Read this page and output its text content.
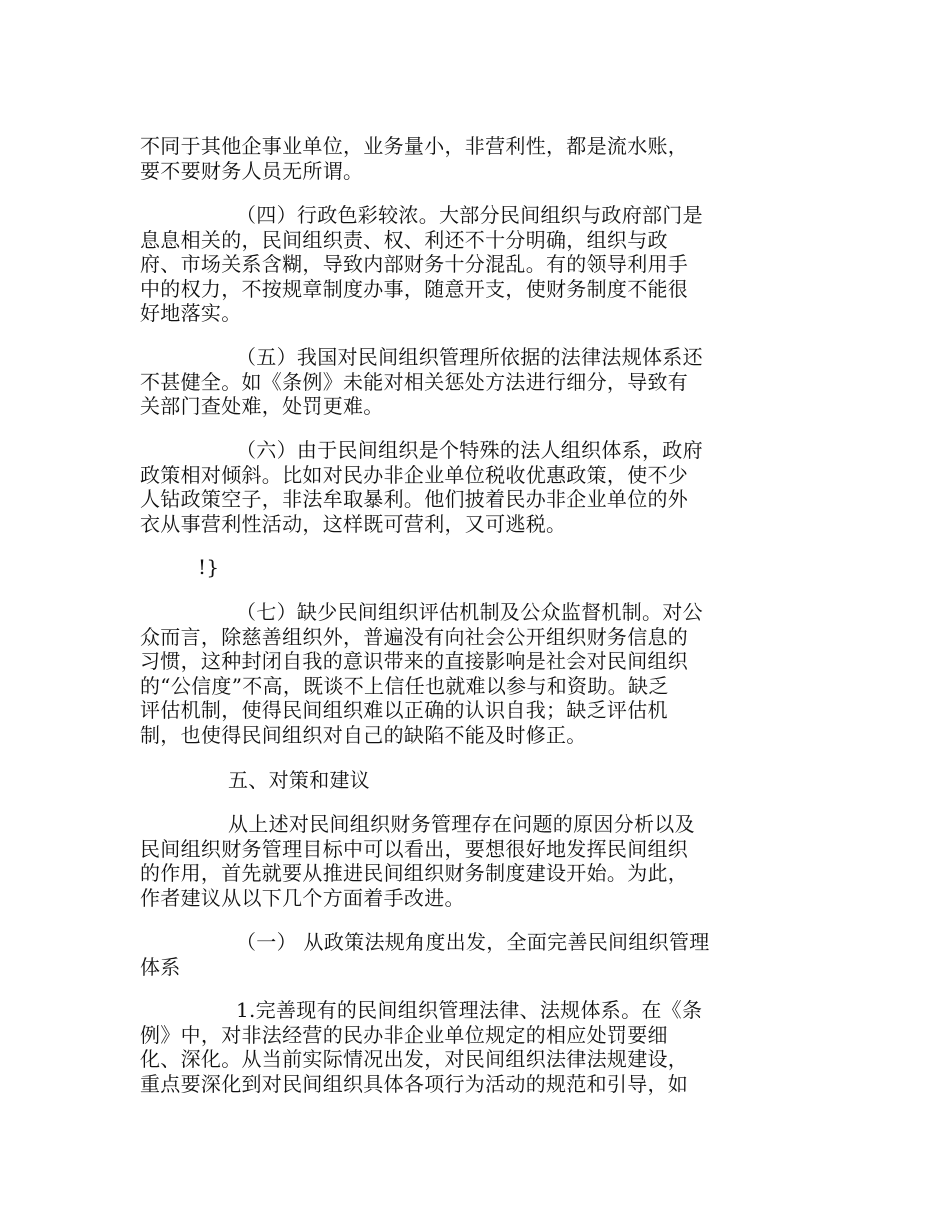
不同于其他企事业单位，业务量小，非营利性，都是流水账，
要不要财务人员无所谓。

（四）行政色彩较浓。大部分民间组织与政府部门是
息息相关的，民间组织责、权、利还不十分明确，组织与政
府、市场关系含糊，导致内部财务十分混乱。有的领导利用手
中的权力，不按规章制度办事，随意开支，使财务制度不能很
好地落实。

（五）我国对民间组织管理所依据的法律法规体系还
不甚健全。如《条例》未能对相关惩处方法进行细分，导致有
关部门查处难，处罚更难。

（六）由于民间组织是个特殊的法人组织体系，政府
政策相对倾斜。比如对民办非企业单位税收优惠政策，使不少
人钻政策空子，非法牟取暴利。他们披着民办非企业单位的外
衣从事营利性活动，这样既可营利，又可逃税。

!}

（七）缺少民间组织评估机制及公众监督机制。对公
众而言，除慈善组织外，普遍没有向社会公开组织财务信息的
习惯，这种封闭自我的意识带来的直接影响是社会对民间组织
的“公信度”不高，既谈不上信任也就难以参与和资助。缺乏
评估机制，使得民间组织难以正确的认识自我；缺乏评估机
制，也使得民间组织对自己的缺陷不能及时修正。

五、对策和建议

从上述对民间组织财务管理存在问题的原因分析以及
民间组织财务管理目标中可以看出，要想很好地发挥民间组织
的作用，首先就要从推进民间组织财务制度建设开始。为此，
作者建议从以下几个方面着手改进。

（一） 从政策法规角度出发，全面完善民间组织管理
体系

1.完善现有的民间组织管理法律、法规体系。在《条
例》中，对非法经营的民办非企业单位规定的相应处罚要细
化、深化。从当前实际情况出发，对民间组织法律法规建设，
重点要深化到对民间组织具体各项行为活动的规范和引导，如
